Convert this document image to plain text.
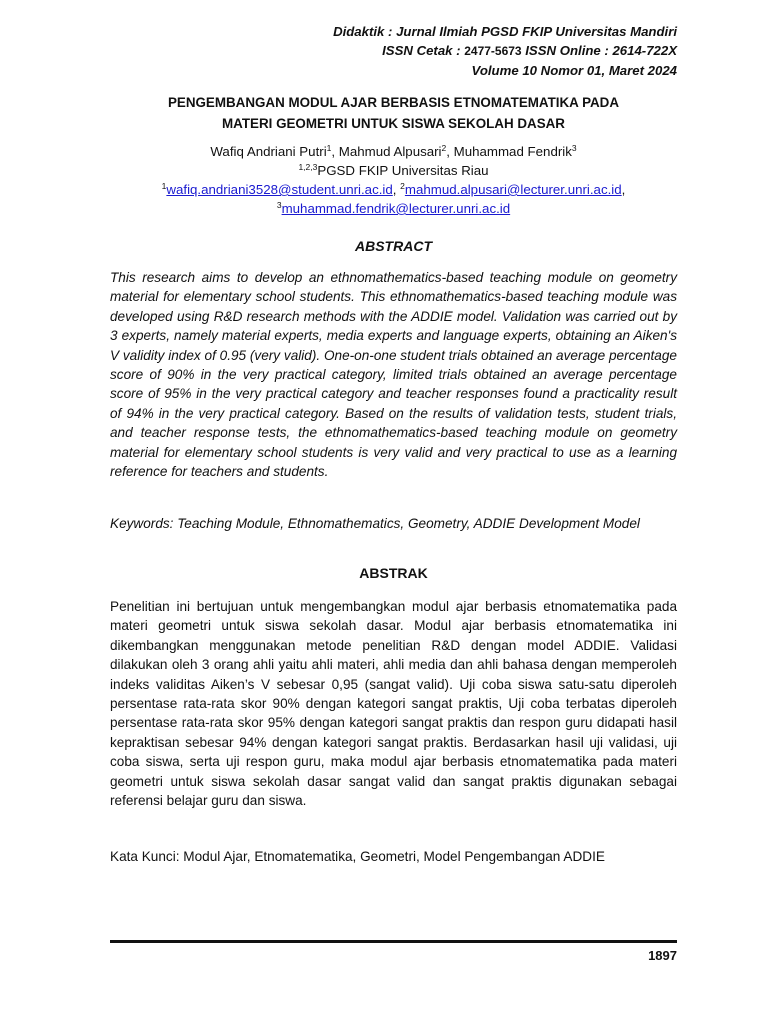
Didaktik : Jurnal Ilmiah PGSD FKIP Universitas Mandiri
ISSN Cetak : 2477-5673 ISSN Online : 2614-722X
Volume 10 Nomor 01, Maret 2024
PENGEMBANGAN MODUL AJAR BERBASIS ETNOMATEMATIKA PADA
MATERI GEOMETRI UNTUK SISWA SEKOLAH DASAR
Wafiq Andriani Putri$^1$, Mahmud Alpusari$^2$, Muhammad Fendrik$^3$
$^{1,2,3}$PGSD FKIP Universitas Riau
$^1$wafiq.andriani3528@student.unri.ac.id, $^2$mahmud.alpusari@lecturer.unri.ac.id,
$^3$muhammad.fendrik@lecturer.unri.ac.id
ABSTRACT

This research aims to develop an ethnomathematics-based teaching module on geometry material for elementary school students. This ethnomathematics-based teaching module was developed using R&D research methods with the ADDIE model. Validation was carried out by 3 experts, namely material experts, media experts and language experts, obtaining an Aiken's V validity index of 0.95 (very valid). One-on-one student trials obtained an average percentage score of 90% in the very practical category, limited trials obtained an average percentage score of 95% in the very practical category and teacher responses found a practicality result of 94% in the very practical category. Based on the results of validation tests, student trials, and teacher response tests, the ethnomathematics-based teaching module on geometry material for elementary school students is very valid and very practical to use as a learning reference for teachers and students.

Keywords: Teaching Module, Ethnomathematics, Geometry, ADDIE Development Model

ABSTRAK

Penelitian ini bertujuan untuk mengembangkan modul ajar berbasis etnomatematika pada materi geometri untuk siswa sekolah dasar. Modul ajar berbasis etnomatematika ini dikembangkan menggunakan metode penelitian R&D dengan model ADDIE. Validasi dilakukan oleh 3 orang ahli yaitu ahli materi, ahli media dan ahli bahasa dengan memperoleh indeks validitas Aiken’s V sebesar 0,95 (sangat valid). Uji coba siswa satu-satu diperoleh persentase rata-rata skor 90% dengan kategori sangat praktis, Uji coba terbatas diperoleh persentase rata-rata skor 95% dengan kategori sangat praktis dan respon guru didapati hasil kepraktisan sebesar 94% dengan kategori sangat praktis. Berdasarkan hasil uji validasi, uji coba siswa, serta uji respon guru, maka modul ajar berbasis etnomatematika pada materi geometri untuk siswa sekolah dasar sangat valid dan sangat praktis digunakan sebagai referensi belajar guru dan siswa.

Kata Kunci: Modul Ajar, Etnomatematika, Geometri, Model Pengembangan ADDIE

1897
